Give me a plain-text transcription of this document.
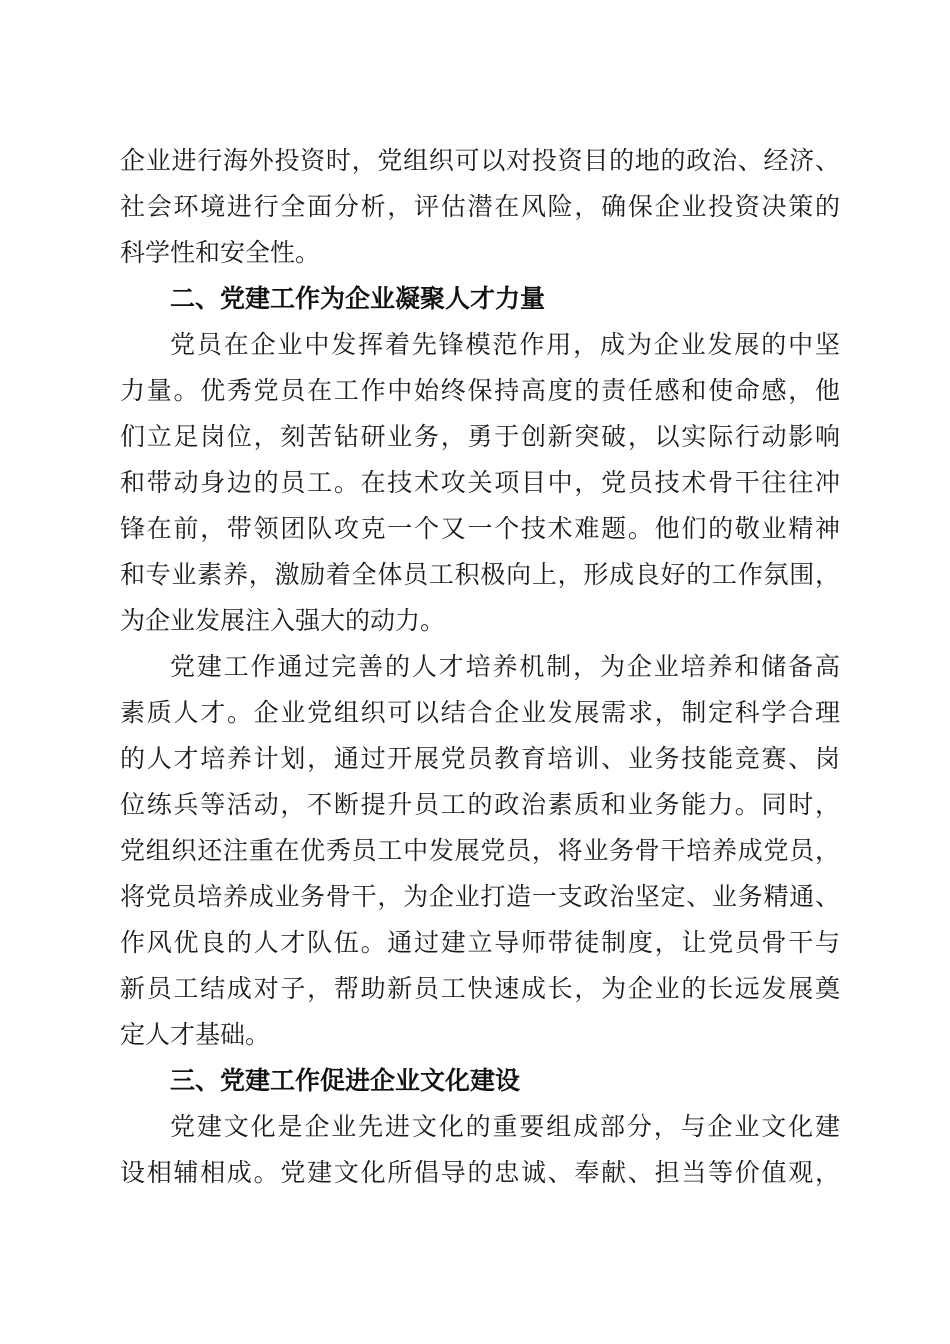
企业进行海外投资时，党组织可以对投资目的地的政治、经济、

社会环境进行全面分析，评估潜在风险，确保企业投资决策的

科学性和安全性。

二、党建工作为企业凝聚人才力量

党员在企业中发挥着先锋模范作用，成为企业发展的中坚

力量。优秀党员在工作中始终保持高度的责任感和使命感，他

们立足岗位，刻苦钻研业务，勇于创新突破，以实际行动影响

和带动身边的员工。在技术攻关项目中，党员技术骨干往往冲

锋在前，带领团队攻克一个又一个技术难题。他们的敬业精神

和专业素养，激励着全体员工积极向上，形成良好的工作氛围，

为企业发展注入强大的动力。

党建工作通过完善的人才培养机制，为企业培养和储备高

素质人才。企业党组织可以结合企业发展需求，制定科学合理

的人才培养计划，通过开展党员教育培训、业务技能竞赛、岗

位练兵等活动，不断提升员工的政治素质和业务能力。同时，

党组织还注重在优秀员工中发展党员，将业务骨干培养成党员，

将党员培养成业务骨干，为企业打造一支政治坚定、业务精通、

作风优良的人才队伍。通过建立导师带徒制度，让党员骨干与

新员工结成对子，帮助新员工快速成长，为企业的长远发展奠

定人才基础。

三、党建工作促进企业文化建设

党建文化是企业先进文化的重要组成部分，与企业文化建

设相辅相成。党建文化所倡导的忠诚、奉献、担当等价值观，
